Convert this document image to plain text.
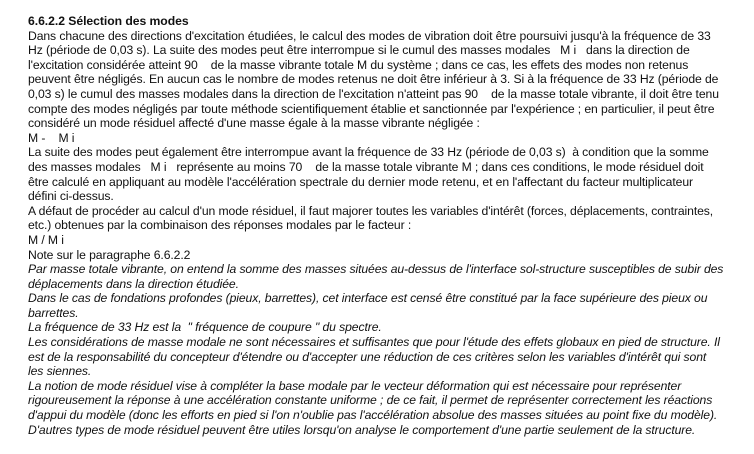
6.6.2.2 Sélection des modes
Dans chacune des directions d'excitation étudiées, le calcul des modes de vibration doit être poursuivi jusqu'à la fréquence de 33
Hz (période de 0,03 s). La suite des modes peut être interrompue si le cumul des masses modales   M i   dans la direction de
l'excitation considérée atteint 90    de la masse vibrante totale M du système ; dans ce cas, les effets des modes non retenus
peuvent être négligés. En aucun cas le nombre de modes retenus ne doit être inférieur à 3. Si à la fréquence de 33 Hz (période de
0,03 s) le cumul des masses modales dans la direction de l'excitation n'atteint pas 90    de la masse totale vibrante, il doit être tenu
compte des modes négligés par toute méthode scientifiquement établie et sanctionnée par l'expérience ; en particulier, il peut être
considéré un mode résiduel affecté d'une masse égale à la masse vibrante négligée :
M -    M i
La suite des modes peut également être interrompue avant la fréquence de 33 Hz (période de 0,03 s)  à condition que la somme
des masses modales   M i   représente au moins 70    de la masse totale vibrante M ; dans ces conditions, le mode résiduel doit
être calculé en appliquant au modèle l'accélération spectrale du dernier mode retenu, et en l'affectant du facteur multiplicateur
défini ci-dessus.
A défaut de procéder au calcul d'un mode résiduel, il faut majorer toutes les variables d'intérêt (forces, déplacements, contraintes,
etc.) obtenues par la combinaison des réponses modales par le facteur :
M / M i
Note sur le paragraphe 6.6.2.2
Par masse totale vibrante, on entend la somme des masses situées au-dessus de l'interface sol-structure susceptibles de subir des
déplacements dans la direction étudiée.
Dans le cas de fondations profondes (pieux, barrettes), cet interface est censé être constitué par la face supérieure des pieux ou
barrettes.
La fréquence de 33 Hz est la  " fréquence de coupure " du spectre.
Les considérations de masse modale ne sont nécessaires et suffisantes que pour l'étude des effets globaux en pied de structure. Il
est de la responsabilité du concepteur d'étendre ou d'accepter une réduction de ces critères selon les variables d'intérêt qui sont
les siennes.
La notion de mode résiduel vise à compléter la base modale par le vecteur déformation qui est nécessaire pour représenter
rigoureusement la réponse à une accélération constante uniforme ; de ce fait, il permet de représenter correctement les réactions
d'appui du modèle (donc les efforts en pied si l'on n'oublie pas l'accélération absolue des masses situées au point fixe du modèle).
D'autres types de mode résiduel peuvent être utiles lorsqu'on analyse le comportement d'une partie seulement de la structure.
